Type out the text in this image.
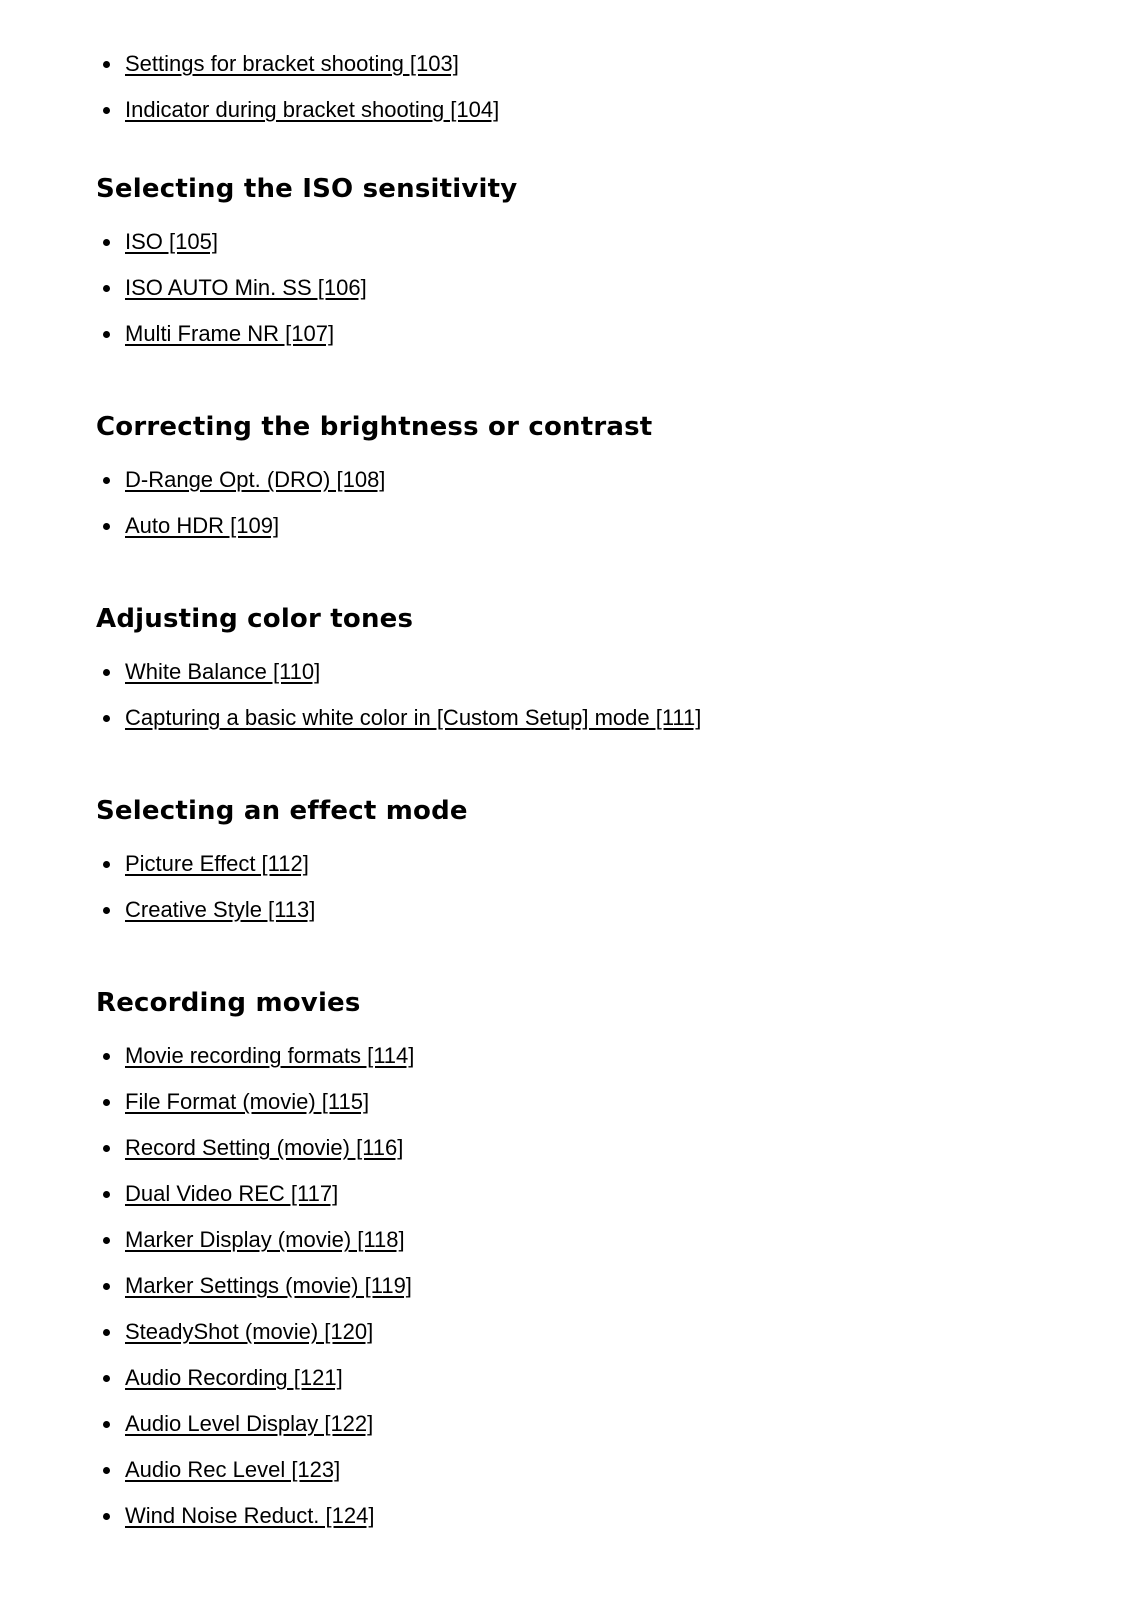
Settings for bracket shooting [103]
Indicator during bracket shooting [104]
Selecting the ISO sensitivity
ISO [105]
ISO AUTO Min. SS [106]
Multi Frame NR [107]
Correcting the brightness or contrast
D-Range Opt. (DRO) [108]
Auto HDR [109]
Adjusting color tones
White Balance [110]
Capturing a basic white color in [Custom Setup] mode [111]
Selecting an effect mode
Picture Effect [112]
Creative Style [113]
Recording movies
Movie recording formats [114]
File Format (movie) [115]
Record Setting (movie) [116]
Dual Video REC [117]
Marker Display (movie) [118]
Marker Settings (movie) [119]
SteadyShot (movie) [120]
Audio Recording [121]
Audio Level Display [122]
Audio Rec Level [123]
Wind Noise Reduct. [124]
